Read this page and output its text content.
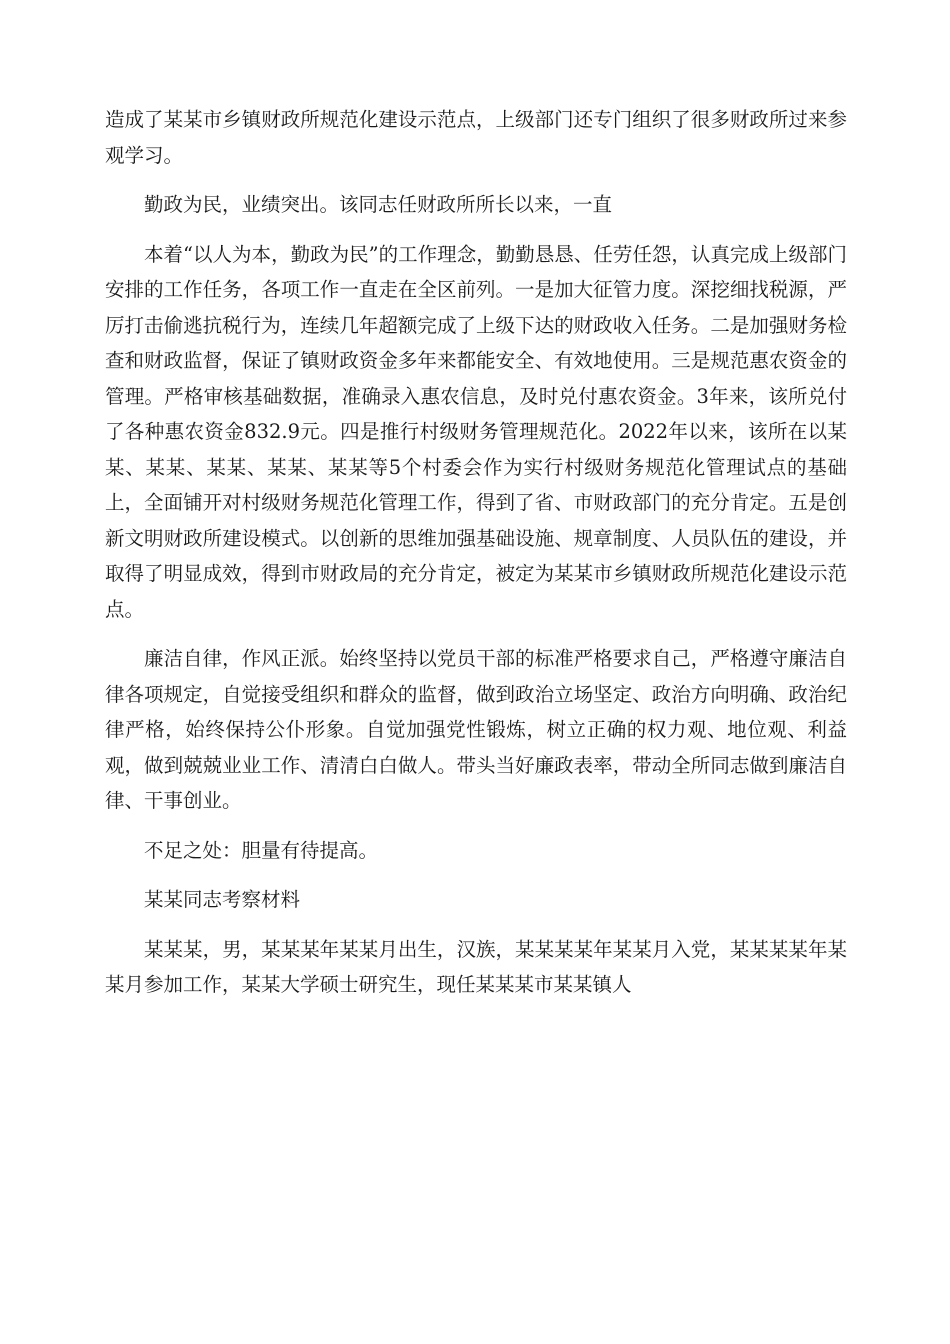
造成了某某市乡镇财政所规范化建设示范点，上级部门还专门组织了很多财政所过来参观学习。

勤政为民，业绩突出。该同志任财政所所长以来，一直

本着“以人为本，勤政为民”的工作理念，勤勤恳恳、任劳任怨，认真完成上级部门安排的工作任务，各项工作一直走在全区前列。一是加大征管力度。深挖细找税源，严厉打击偷逃抗税行为，连续几年超额完成了上级下达的财政收入任务。二是加强财务检查和财政监督，保证了镇财政资金多年来都能安全、有效地使用。三是规范惠农资金的管理。严格审核基础数据，准确录入惠农信息，及时兑付惠农资金。3年来，该所兑付了各种惠农资金832.9元。四是推行村级财务管理规范化。2022年以来，该所在以某某、某某、某某、某某、某某等5个村委会作为实行村级财务规范化管理试点的基础上，全面铺开对村级财务规范化管理工作，得到了省、市财政部门的充分肯定。五是创新文明财政所建设模式。以创新的思维加强基础设施、规章制度、人员队伍的建设，并取得了明显成效，得到市财政局的充分肯定，被定为某某市乡镇财政所规范化建设示范点。

廉洁自律，作风正派。始终坚持以党员干部的标准严格要求自己，严格遵守廉洁自律各项规定，自觉接受组织和群众的监督，做到政治立场坚定、政治方向明确、政治纪律严格，始终保持公仆形象。自觉加强党性锻炼，树立正确的权力观、地位观、利益观，做到兢兢业业工作、清清白白做人。带头当好廉政表率，带动全所同志做到廉洁自律、干事创业。

不足之处：胆量有待提高。

某某同志考察材料

某某某，男，某某某年某某月出生，汉族，某某某某年某某月入党，某某某某年某某月参加工作，某某大学硕士研究生，现任某某某市某某镇人
